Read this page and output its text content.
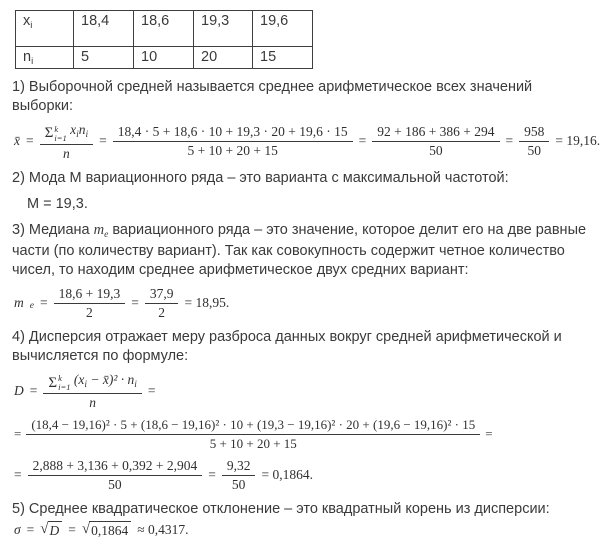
$x_i$	18,4	18,6	19,3	19,6
$n_i$	5	10	20	15

1) Выборочной средней называется среднее арифметическое всех значений выборки:

x̄ = Σ k
i=1
$x_in_i$
n
= $\frac{18,4 \cdot 5 + 18,6 \cdot 10 + 19,3 \cdot 20 + 19,6 \cdot 15}{5 + 10 + 20 + 15} = \frac{92 + 186 + 386 + 294}{50} = \frac{958}{50} = 19,16$.

2) Мода М вариационного ряда – это варианта с максимальной частотой:

М = 19,3.

3) Медиана $m_e$ вариационного ряда – это значение, которое делит его на две равные части (по количеству вариант). Так как совокупность содержит четное количество чисел, то находим среднее арифметическое двух средних вариант:

m $e = \frac{18,6 + 19,3}{2} = \frac{37,9}{2} = 18,95$.

4) Дисперсия отражает меру разброса данных вокруг средней арифметической и вычисляется по формуле:

D = Σ k
i=1
($x_i$ − x̄)² · $n_i$
n
=
=
(18,4 − 19,16)² · 5 + (18,6 − 19,16)² · 10 + (19,3 − 19,16)² · 20 + (19,6 − 19,16)² · 15
5 + 10 + 20 + 15
=
= $\frac{2,888 + 3,136 + 0,392 + 2,904}{50} = \frac{9,32}{50} = 0,1864$.

5) Среднее квадратическое отклонение – это квадратный корень из дисперсии:

σ = √ D = √ 0,1864 ≈ 0,4317.
